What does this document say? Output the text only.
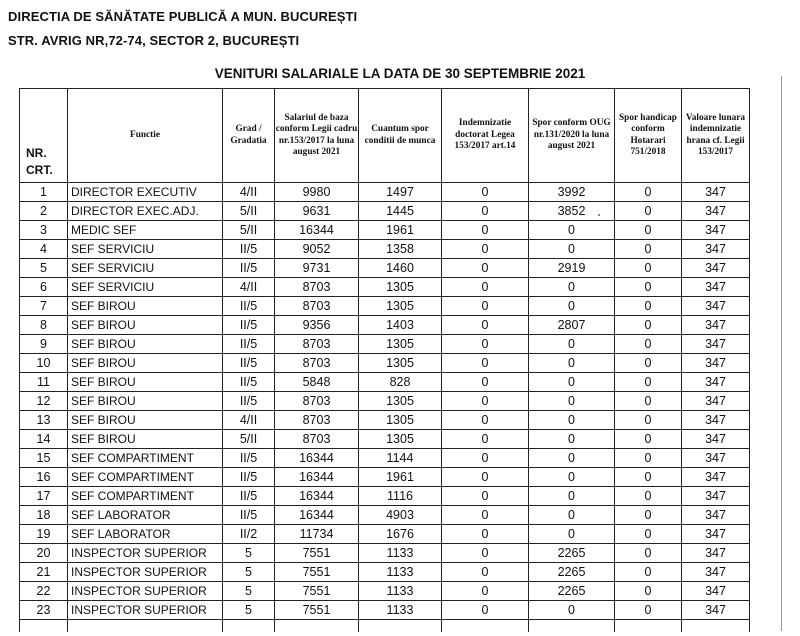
DIRECTIA DE SĂNĂTATE PUBLICĂ A MUN. BUCUREȘTI
STR. AVRIG NR,72-74, SECTOR 2, BUCUREȘTI
VENITURI SALARIALE LA DATA DE 30 SEPTEMBRIE 2021
NR. CRT.	Functie	Grad / Gradatia	Salariul de baza conform Legii cadru nr.153/2017 la luna august 2021	Cuantum spor conditii de munca	Indemnizatie doctorat Legea 153/2017 art.14	Spor conform OUG nr.131/2020 la luna august 2021	Spor handicap conform Hotarari 751/2018	Valoare lunara indemnizatie hrana cf. Legii 153/2017
1	DIRECTOR EXECUTIV	4/II	9980	1497	0	3992	0	347
2	DIRECTOR EXEC.ADJ.	5/II	9631	1445	0	3852	0	347
3	MEDIC SEF	5/II	16344	1961	0	0	0	347
4	SEF SERVICIU	II/5	9052	1358	0	0	0	347
5	SEF SERVICIU	II/5	9731	1460	0	2919	0	347
6	SEF SERVICIU	4/II	8703	1305	0	0	0	347
7	SEF BIROU	II/5	8703	1305	0	0	0	347
8	SEF BIROU	II/5	9356	1403	0	2807	0	347
9	SEF BIROU	II/5	8703	1305	0	0	0	347
10	SEF BIROU	II/5	8703	1305	0	0	0	347
11	SEF BIROU	II/5	5848	828	0	0	0	347
12	SEF BIROU	II/5	8703	1305	0	0	0	347
13	SEF BIROU	4/II	8703	1305	0	0	0	347
14	SEF BIROU	5/II	8703	1305	0	0	0	347
15	SEF COMPARTIMENT	II/5	16344	1144	0	0	0	347
16	SEF COMPARTIMENT	II/5	16344	1961	0	0	0	347
17	SEF COMPARTIMENT	II/5	16344	1116	0	0	0	347
18	SEF LABORATOR	II/5	16344	4903	0	0	0	347
19	SEF LABORATOR	II/2	11734	1676	0	0	0	347
20	INSPECTOR SUPERIOR	5	7551	1133	0	2265	0	347
21	INSPECTOR SUPERIOR	5	7551	1133	0	2265	0	347
22	INSPECTOR SUPERIOR	5	7551	1133	0	2265	0	347
23	INSPECTOR SUPERIOR	5	7551	1133	0	0	0	347
